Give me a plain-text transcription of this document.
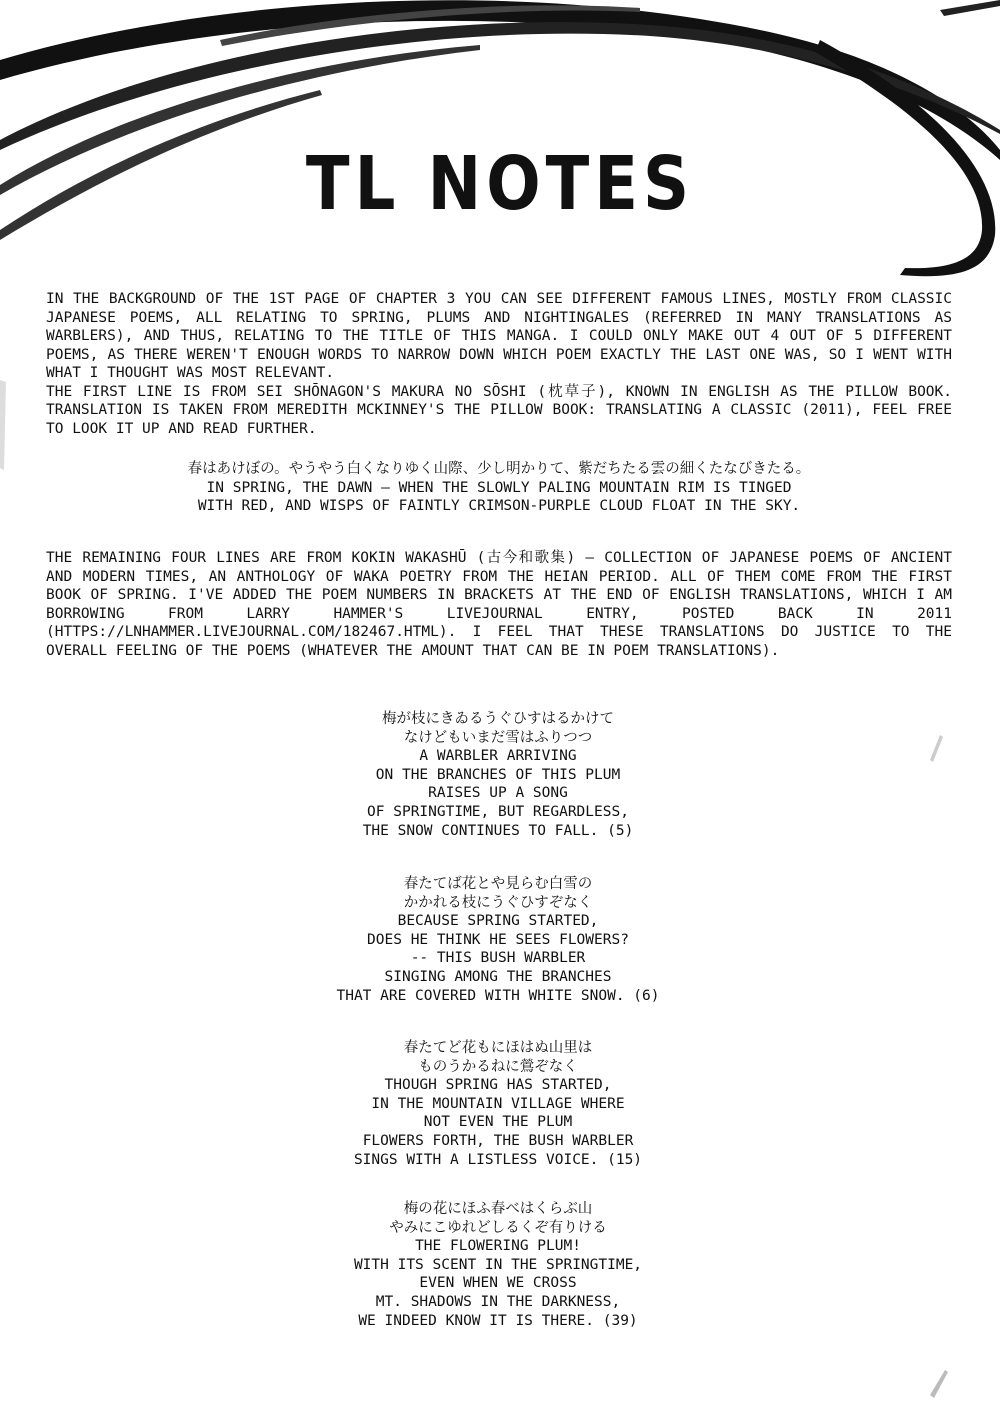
TL NOTES

IN THE BACKGROUND OF THE 1ST PAGE OF CHAPTER 3 YOU CAN SEE DIFFERENT FAMOUS LINES, MOSTLY FROM CLASSIC JAPANESE POEMS, ALL RELATING TO SPRING, PLUMS AND NIGHTINGALES (REFERRED IN MANY TRANSLATIONS AS WARBLERS), AND THUS, RELATING TO THE TITLE OF THIS MANGA. I COULD ONLY MAKE OUT 4 OUT OF 5 DIFFERENT POEMS, AS THERE WEREN'T ENOUGH WORDS TO NARROW DOWN WHICH POEM EXACTLY THE LAST ONE WAS, SO I WENT WITH WHAT I THOUGHT WAS MOST RELEVANT.

THE FIRST LINE IS FROM SEI SHŌNAGON'S MAKURA NO SŌSHI (枕草子), KNOWN IN ENGLISH AS THE PILLOW BOOK. TRANSLATION IS TAKEN FROM MEREDITH MCKINNEY'S THE PILLOW BOOK: TRANSLATING A CLASSIC (2011), FEEL FREE TO LOOK IT UP AND READ FURTHER.

春はあけぼの。やうやう白くなりゆく山際、少し明かりて、紫だちたる雲の細くたなびきたる。
IN SPRING, THE DAWN — WHEN THE SLOWLY PALING MOUNTAIN RIM IS TINGED WITH RED, AND WISPS OF FAINTLY CRIMSON-PURPLE CLOUD FLOAT IN THE SKY.
THE REMAINING FOUR LINES ARE FROM KOKIN WAKASHŪ (古今和歌集) — COLLECTION OF JAPANESE POEMS OF ANCIENT AND MODERN TIMES, AN ANTHOLOGY OF WAKA POETRY FROM THE HEIAN PERIOD. ALL OF THEM COME FROM THE FIRST BOOK OF SPRING. I'VE ADDED THE POEM NUMBERS IN BRACKETS AT THE END OF ENGLISH TRANSLATIONS, WHICH I AM BORROWING FROM LARRY HAMMER'S LIVEJOURNAL ENTRY, POSTED BACK IN 2011 (HTTPS://LNHAMMER.LIVEJOURNAL.COM/182467.HTML). I FEEL THAT THESE TRANSLATIONS DO JUSTICE TO THE OVERALL FEELING OF THE POEMS (WHATEVER THE AMOUNT THAT CAN BE IN POEM TRANSLATIONS).
梅が枝にきゐるうぐひすはるかけて
なけどもいまだ雪はふりつつ
A WARBLER ARRIVING
ON THE BRANCHES OF THIS PLUM
RAISES UP A SONG
OF SPRINGTIME, BUT REGARDLESS,
THE SNOW CONTINUES TO FALL. (5)
春たてば花とや見らむ白雪の
かかれる枝にうぐひすぞなく
BECAUSE SPRING STARTED,
DOES HE THINK HE SEES FLOWERS?
-- THIS BUSH WARBLER
SINGING AMONG THE BRANCHES
THAT ARE COVERED WITH WHITE SNOW. (6)
春たてど花もにほはぬ山里は
ものうかるねに鶯ぞなく
THOUGH SPRING HAS STARTED,
IN THE MOUNTAIN VILLAGE WHERE
NOT EVEN THE PLUM
FLOWERS FORTH, THE BUSH WARBLER
SINGS WITH A LISTLESS VOICE. (15)
梅の花にほふ春べはくらぶ山
やみにこゆれどしるくぞ有りける
THE FLOWERING PLUM!
WITH ITS SCENT IN THE SPRINGTIME,
EVEN WHEN WE CROSS
MT. SHADOWS IN THE DARKNESS,
WE INDEED KNOW IT IS THERE. (39)
